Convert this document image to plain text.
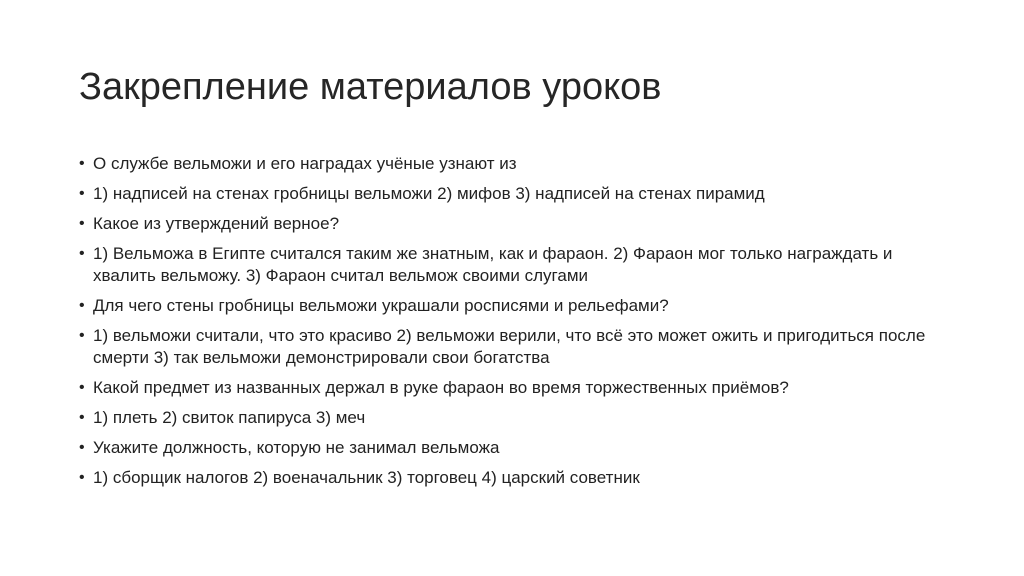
Закрепление материалов уроков
• О службе вельможи и его наградах учёные узнают из
• 1) надписей на стенах гробницы вельможи 2) мифов 3) надписей на стенах пирамид
• Какое из утверждений верное?
• 1) Вельможа в Египте считался таким же знатным, как и фараон. 2) Фараон мог только награждать и хвалить вельможу. 3) Фараон считал вельмож своими слугами
• Для чего стены гробницы вельможи украшали росписями и рельефами?
• 1) вельможи считали, что это красиво 2) вельможи верили, что всё это может ожить и пригодиться после смерти 3) так вельможи демонстрировали свои богатства
• Какой предмет из названных держал в руке фараон во время торжественных приёмов?
• 1) плеть 2) свиток папируса 3) меч
• Укажите должность, которую не занимал вельможа
• 1) сборщик налогов 2) военачальник 3) торговец 4) царский советник
